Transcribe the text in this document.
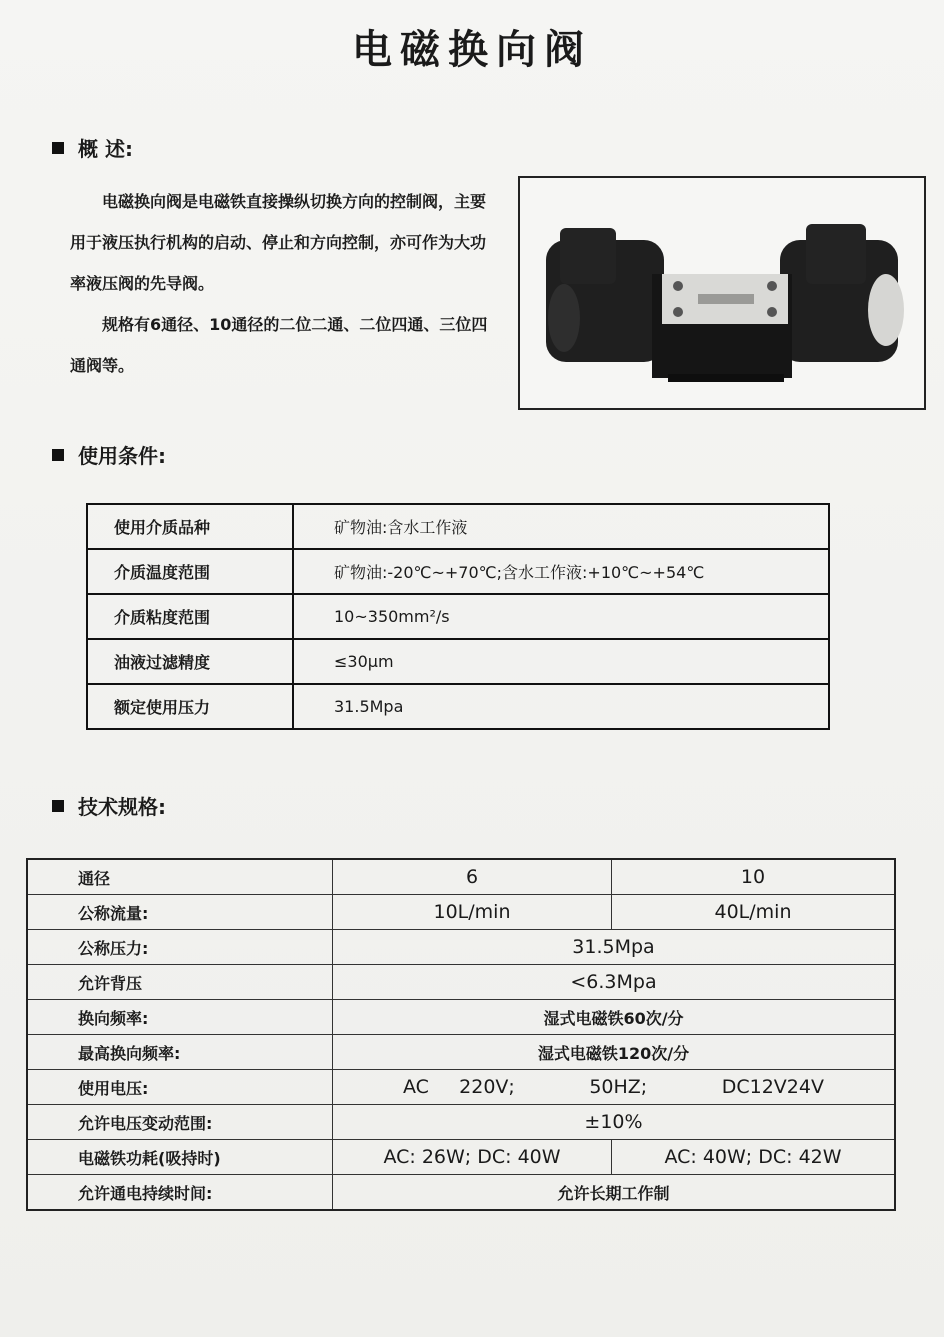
电磁换向阀
概 述:

电磁换向阀是电磁铁直接操纵切换方向的控制阀，主要用于液压执行机构的启动、停止和方向控制，亦可作为大功率液压阀的先导阀。

规格有6通径、10通径的二位二通、二位四通、三位四通阀等。

使用条件:
使用介质品种	矿物油:含水工作液
介质温度范围	矿物油:-20℃~+70℃;含水工作液:+10℃~+54℃
介质粘度范围	10~350mm²/s
油液过滤精度	≤30μm
额定使用压力	31.5Mpa
技术规格:
通径	6	10
公称流量:	10L/min	40L/min
公称压力:	31.5Mpa	
允许背压	<6.3Mpa	
换向频率:	湿式电磁铁60次/分	
最高换向频率:	湿式电磁铁120次/分	
使用电压:	AC 220V; 50HZ; DC12V24V	

允许电压变动范围:	±10%	
电磁铁功耗(吸持时)	AC: 26W; DC: 40W	AC: 40W; DC: 42W
允许通电持续时间:	允许长期工作制	
